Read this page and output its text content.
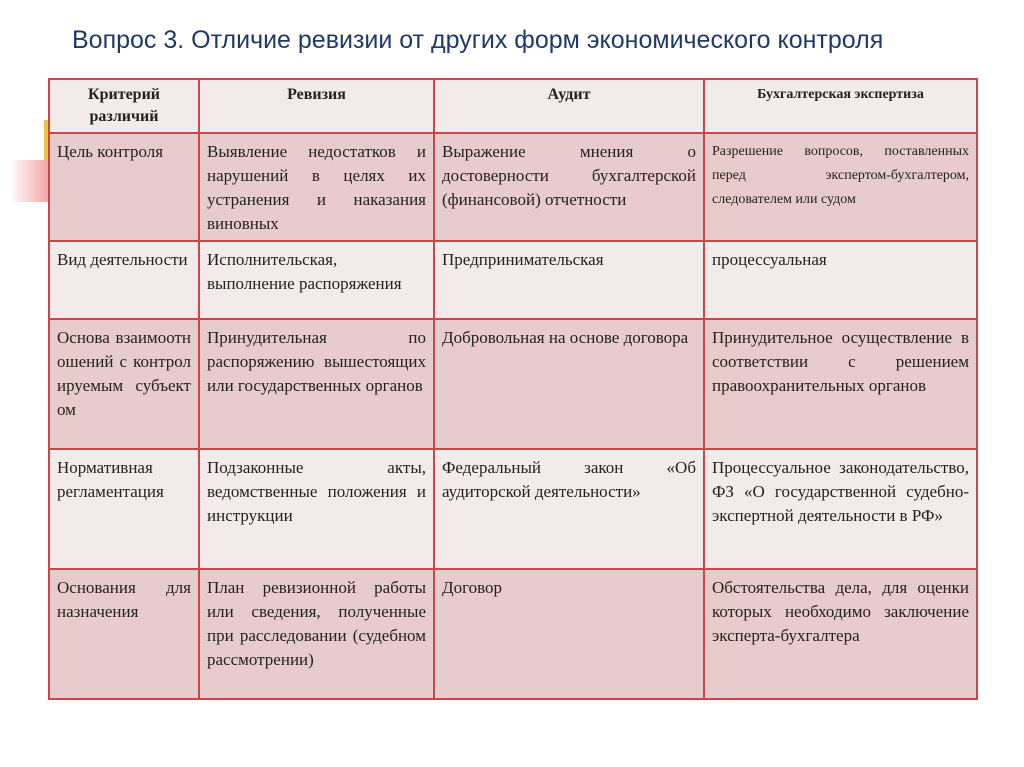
Вопрос 3. Отличие ревизии от других форм экономического контроля
Критерий различий	Ревизия	Аудит	Бухгалтерская экспертиза
Цель контроля	Выявление недостатков и нарушений в целях их устранения и наказания виновных	Выражение мнения о достоверности бухгалтерской (финансовой) отчетности	Разрешение вопросов, поставленных перед экспертом-бухгалтером, следователем или судом
Вид деятельности	Исполнительская, выполнение распоряжения	Предпринимательская	процессуальная
Основа взаимоотношений с контролируемым субъектом	Принудительная по распоряжению вышестоящих или государственных органов	Добровольная на основе договора	Принудительное осуществление в соответствии с решением правоохранительных органов
Нормативная регламентация	Подзаконные акты, ведомственные положения и инструкции	Федеральный закон «Об аудиторской деятельности»	Процессуальное законодательство, ФЗ «О государственной судебно-экспертной деятельности в РФ»
Основания для назначения	План ревизионной работы или сведения, полученные при расследовании (судебном рассмотрении)	Договор	Обстоятельства дела, для оценки которых необходимо заключение эксперта-бухгалтера
